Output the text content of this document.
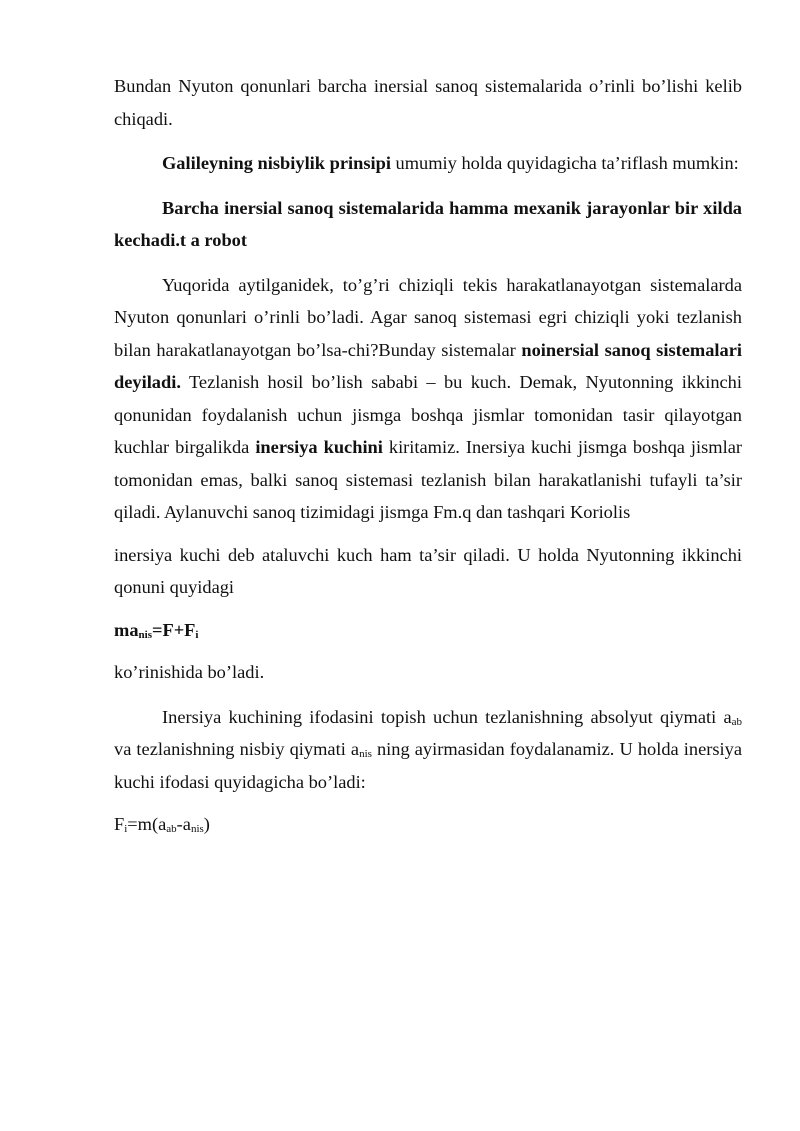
Bundan Nyuton qonunlari barcha inersial sanoq sistemalarida o’rinli bo’lishi kelib chiqadi.

Galileyning nisbiylik prinsipi umumiy holda quyidagicha ta’riflash mumkin:

Barcha inersial sanoq sistemalarida hamma mexanik jarayonlar bir xilda kechadi.t a robot

Yuqorida aytilganidek, to’g’ri chiziqli tekis harakatlanayotgan sistemalarda Nyuton qonunlari o’rinli bo’ladi. Agar sanoq sistemasi egri chiziqli yoki tezlanish bilan harakatlanayotgan bo’lsa-chi?Bunday sistemalar noinersial sanoq sistemalari deyiladi. Tezlanish hosil bo’lish sababi – bu kuch. Demak, Nyutonning ikkinchi qonunidan foydalanish uchun jismga boshqa jismlar tomonidan tasir qilayotgan kuchlar birgalikda inersiya kuchini kiritamiz. Inersiya kuchi jismga boshqa jismlar tomonidan emas, balki sanoq sistemasi tezlanish bilan harakatlanishi tufayli ta’sir qiladi. Aylanuvchi sanoq tizimidagi jismga Fm.q dan tashqari Koriolis

inersiya kuchi deb ataluvchi kuch ham ta’sir qiladi. U holda Nyutonning ikkinchi qonuni quyidagi

$ma_{nis}=F+F_i$

ko’rinishida bo’ladi.

Inersiya kuchining ifodasini topish uchun tezlanishning absolyut qiymati $a_{ab}$ va tezlanishning nisbiy qiymati $a_{nis}$ ning ayirmasidan foydalanamiz. U holda inersiya kuchi ifodasi quyidagicha bo’ladi:

$F_i=m(a_{ab}-a_{nis})$
